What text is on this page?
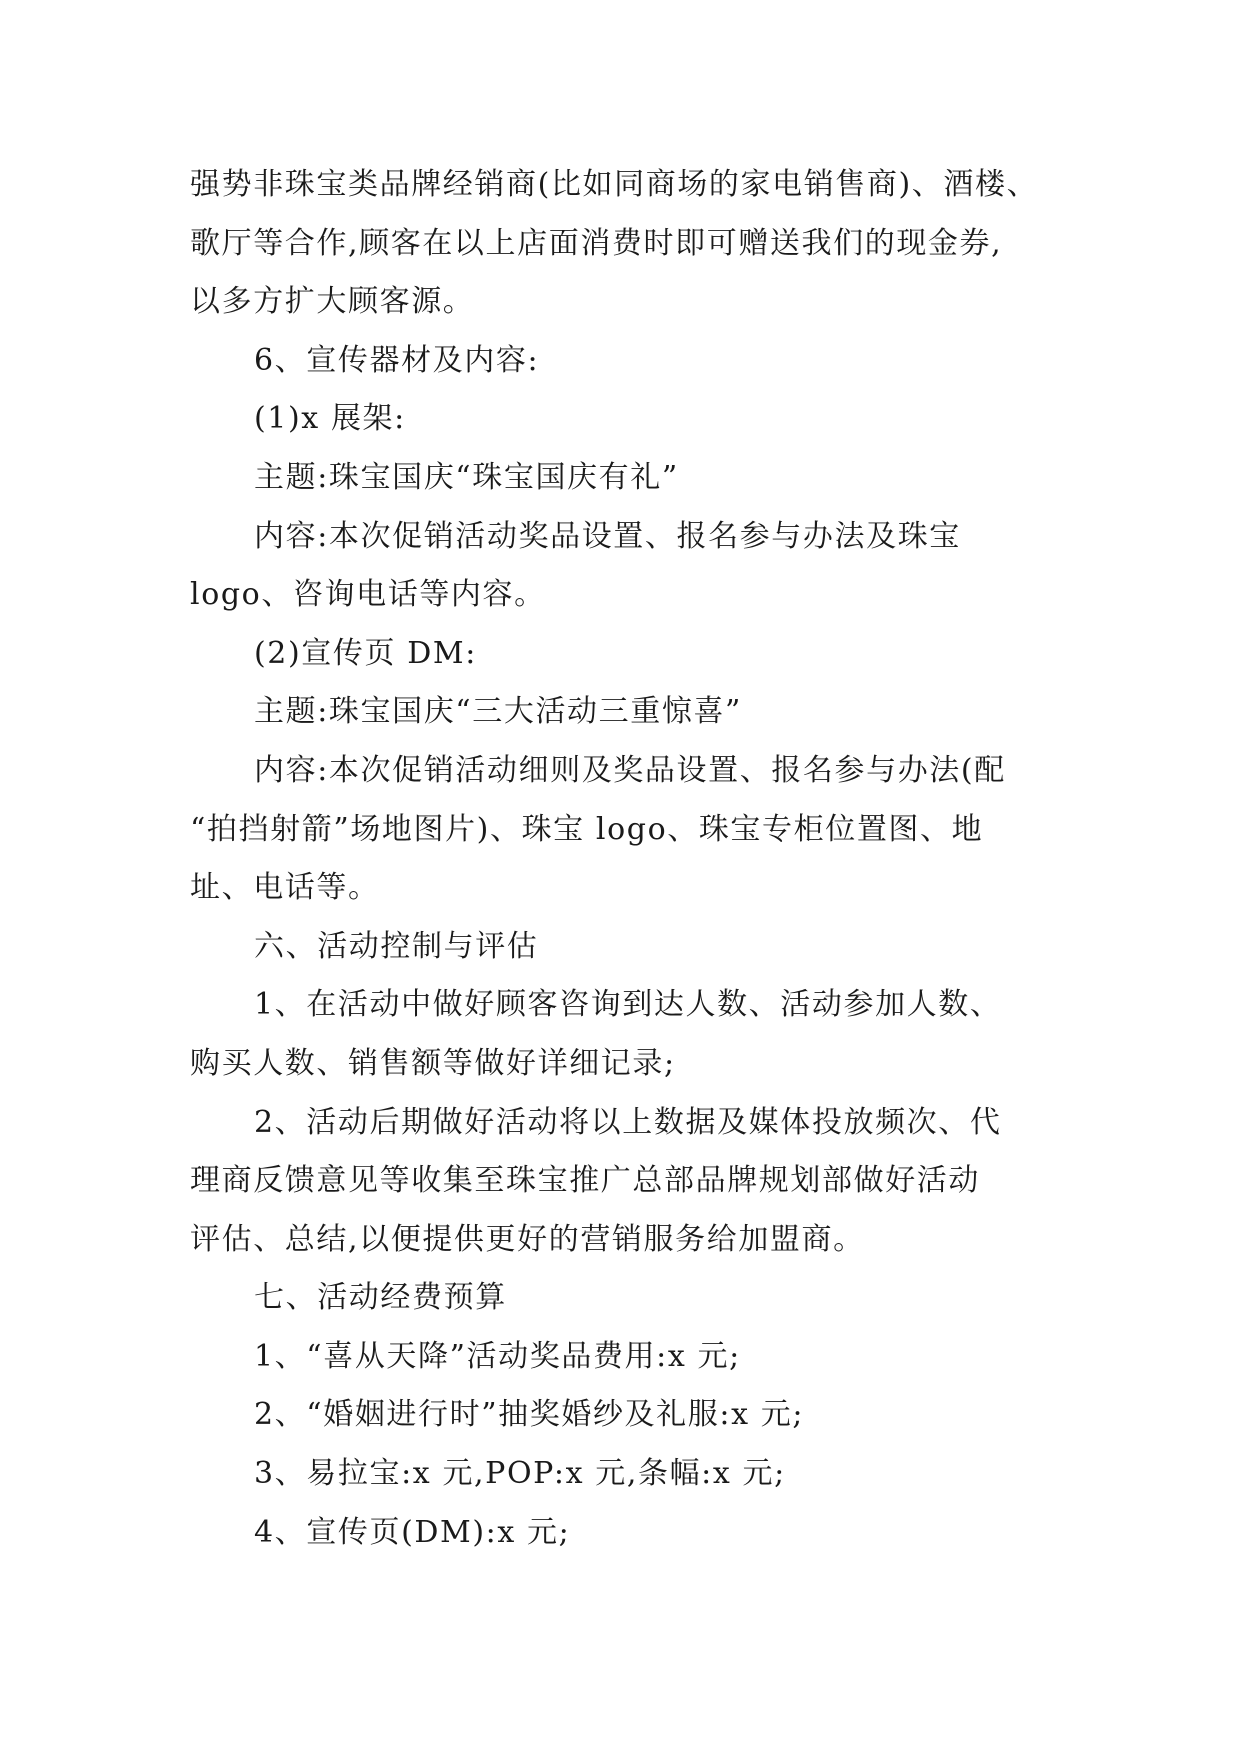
强势非珠宝类品牌经销商(比如同商场的家电销售商)、酒楼、
歌厅等合作,顾客在以上店面消费时即可赠送我们的现金券,
以多方扩大顾客源。
6、宣传器材及内容:
(1)x 展架:
主题:珠宝国庆“珠宝国庆有礼”
内容:本次促销活动奖品设置、报名参与办法及珠宝
logo、咨询电话等内容。
(2)宣传页 DM:
主题:珠宝国庆“三大活动三重惊喜”
内容:本次促销活动细则及奖品设置、报名参与办法(配
“拍挡射箭”场地图片)、珠宝 logo、珠宝专柜位置图、地
址、电话等。
六、活动控制与评估
1、在活动中做好顾客咨询到达人数、活动参加人数、
购买人数、销售额等做好详细记录;
2、活动后期做好活动将以上数据及媒体投放频次、代
理商反馈意见等收集至珠宝推广总部品牌规划部做好活动
评估、总结,以便提供更好的营销服务给加盟商。
七、活动经费预算
1、“喜从天降”活动奖品费用:x 元;
2、“婚姻进行时”抽奖婚纱及礼服:x 元;
3、易拉宝:x 元,POP:x 元,条幅:x 元;
4、宣传页(DM):x 元;
